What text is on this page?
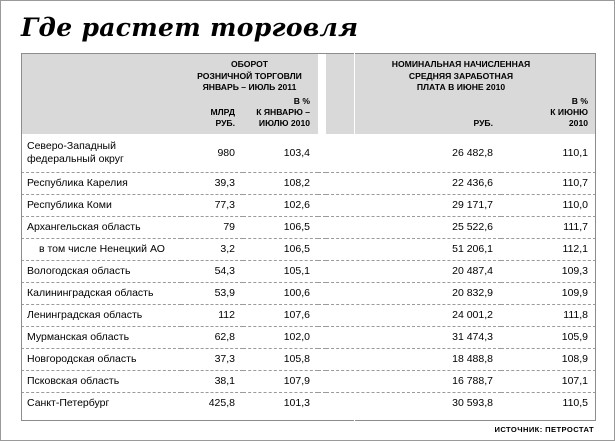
Где растет торговля

ОБОРОТ
РОЗНИЧНОЙ ТОРГОВЛИ
ЯНВАРЬ – ИЮЛЬ 2011

НОМИНАЛЬНАЯ НАЧИСЛЕННАЯ
СРЕДНЯЯ ЗАРАБОТНАЯ
ПЛАТА В ИЮНЕ 2010

МЛРД
РУБ.

В %
К ЯНВАРЮ –
ИЮЛЮ 2010	РУБ.

В %
К ИЮНЮ
2010

Северо-Западный
федеральный округ	980	103,4		26 482,8	110,1
Республика Карелия	39,3	108,2		22 436,6	110,7
Республика Коми	77,3	102,6		29 171,7	110,0
Архангельская область	79	106,5		25 522,6	111,7
в том числе Ненецкий АО	3,2	106,5		51 206,1	112,1
Вологодская область	54,3	105,1		20 487,4	109,3
Калининградская область	53,9	100,6		20 832,9	109,9
Ленинградская область	112	107,6		24 001,2	111,8
Мурманская область	62,8	102,0		31 474,3	105,9
Новгородская область	37,3	105,8		18 488,8	108,9
Псковская область	38,1	107,9		16 788,7	107,1
Санкт-Петербург	425,8	101,3		30 593,8	110,5
ИСТОЧНИК: ПЕТРОСТАТ
